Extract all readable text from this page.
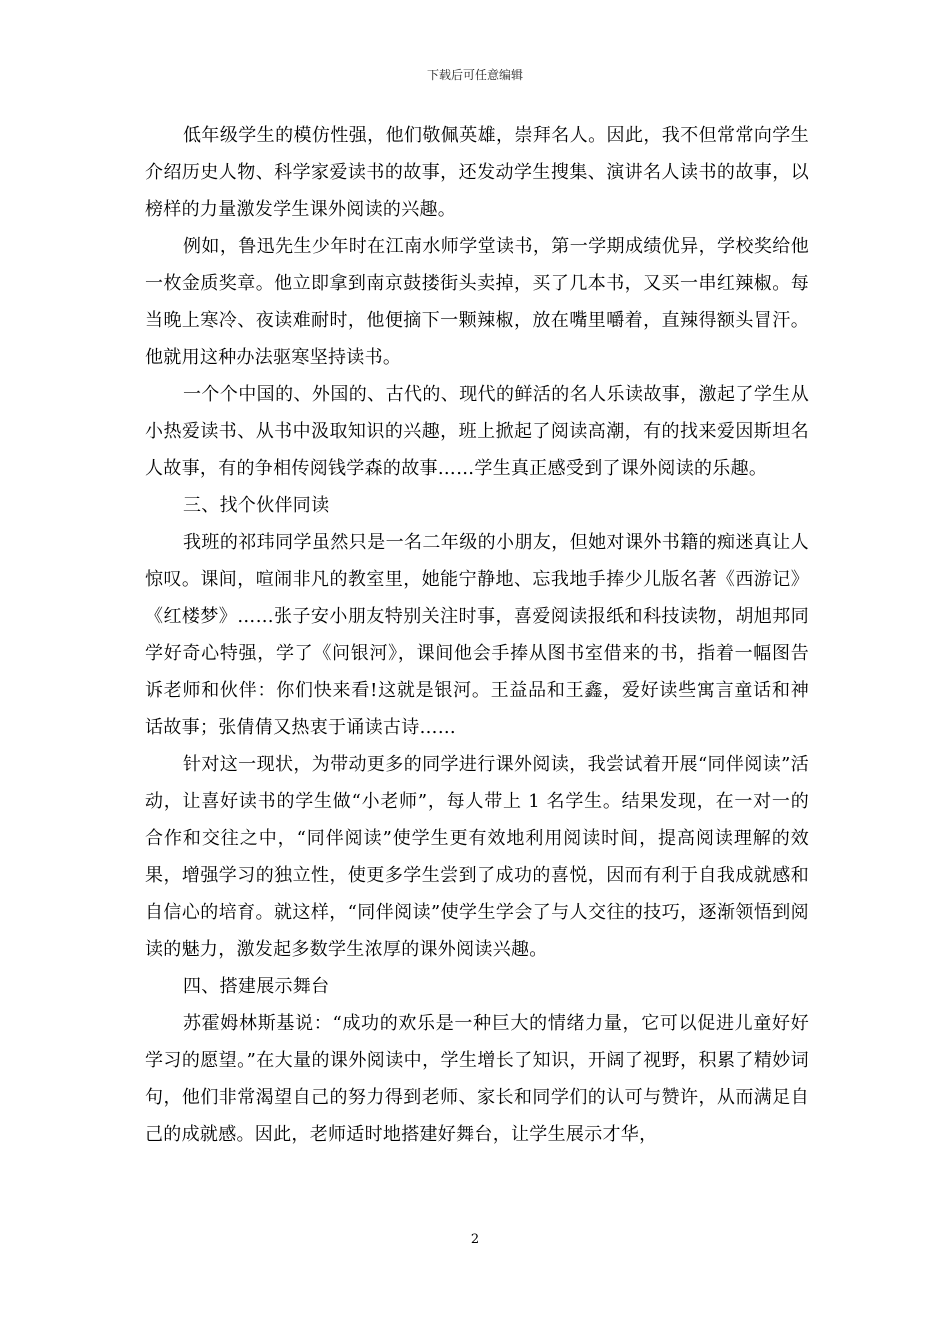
下载后可任意编辑

低年级学生的模仿性强，他们敬佩英雄，崇拜名人。因此，我不但常常向学生介绍历史人物、科学家爱读书的故事，还发动学生搜集、演讲名人读书的故事，以榜样的力量激发学生课外阅读的兴趣。

例如，鲁迅先生少年时在江南水师学堂读书，第一学期成绩优异，学校奖给他一枚金质奖章。他立即拿到南京鼓搂街头卖掉，买了几本书，又买一串红辣椒。每当晚上寒冷、夜读难耐时，他便摘下一颗辣椒，放在嘴里嚼着，直辣得额头冒汗。他就用这种办法驱寒坚持读书。

一个个中国的、外国的、古代的、现代的鲜活的名人乐读故事，激起了学生从小热爱读书、从书中汲取知识的兴趣，班上掀起了阅读高潮，有的找来爱因斯坦名人故事，有的争相传阅钱学森的故事……学生真正感受到了课外阅读的乐趣。

三、找个伙伴同读

我班的祁玮同学虽然只是一名二年级的小朋友，但她对课外书籍的痴迷真让人惊叹。课间，喧闹非凡的教室里，她能宁静地、忘我地手捧少儿版名著《西游记》《红楼梦》……张子安小朋友特别关注时事，喜爱阅读报纸和科技读物，胡旭邦同学好奇心特强，学了《问银河》，课间他会手捧从图书室借来的书，指着一幅图告诉老师和伙伴：你们快来看!这就是银河。王益品和王鑫，爱好读些寓言童话和神话故事；张倩倩又热衷于诵读古诗……

针对这一现状，为带动更多的同学进行课外阅读，我尝试着开展“同伴阅读”活动，让喜好读书的学生做“小老师”，每人带上 1 名学生。结果发现，在一对一的合作和交往之中，“同伴阅读”使学生更有效地利用阅读时间，提高阅读理解的效果，增强学习的独立性，使更多学生尝到了成功的喜悦，因而有利于自我成就感和自信心的培育。就这样，“同伴阅读”使学生学会了与人交往的技巧，逐渐领悟到阅读的魅力，激发起多数学生浓厚的课外阅读兴趣。

四、搭建展示舞台

苏霍姆林斯基说：“成功的欢乐是一种巨大的情绪力量，它可以促进儿童好好学习的愿望。”在大量的课外阅读中，学生增长了知识，开阔了视野，积累了精妙词句，他们非常渴望自己的努力得到老师、家长和同学们的认可与赞许，从而满足自己的成就感。因此，老师适时地搭建好舞台，让学生展示才华，

2
